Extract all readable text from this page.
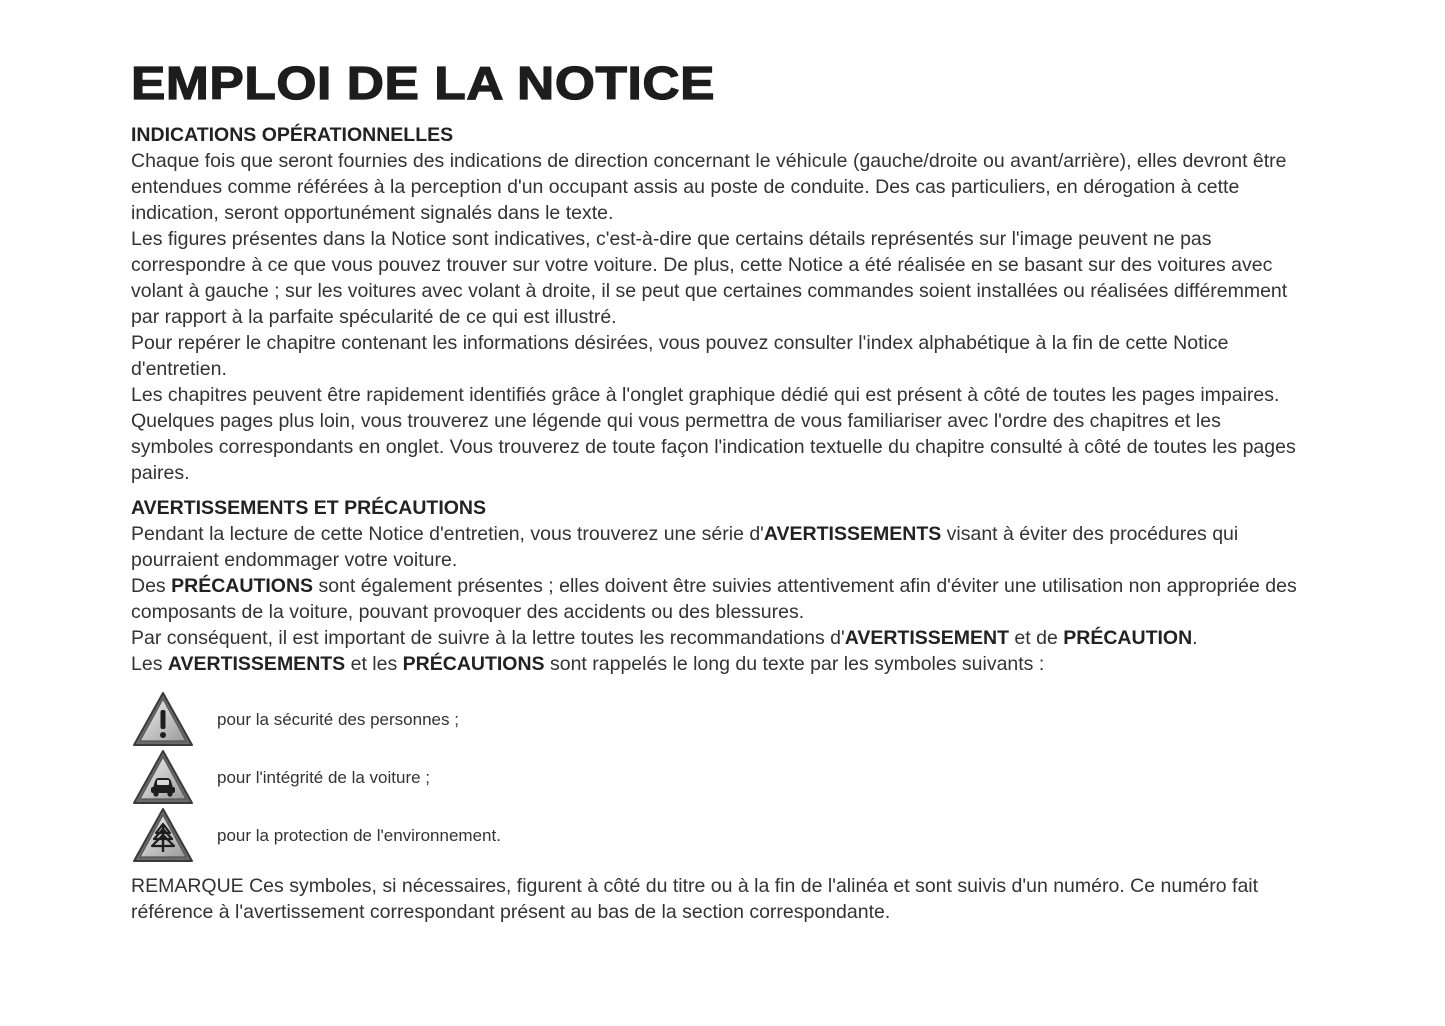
EMPLOI DE LA NOTICE
INDICATIONS OPÉRATIONNELLES

Chaque fois que seront fournies des indications de direction concernant le véhicule (gauche/droite ou avant/arrière), elles devront être entendues comme référées à la perception d'un occupant assis au poste de conduite. Des cas particuliers, en dérogation à cette indication, seront opportunément signalés dans le texte.

Les figures présentes dans la Notice sont indicatives, c'est-à-dire que certains détails représentés sur l'image peuvent ne pas correspondre à ce que vous pouvez trouver sur votre voiture. De plus, cette Notice a été réalisée en se basant sur des voitures avec volant à gauche ; sur les voitures avec volant à droite, il se peut que certaines commandes soient installées ou réalisées différemment par rapport à la parfaite spécularité de ce qui est illustré.

Pour repérer le chapitre contenant les informations désirées, vous pouvez consulter l'index alphabétique à la fin de cette Notice d'entretien.

Les chapitres peuvent être rapidement identifiés grâce à l'onglet graphique dédié qui est présent à côté de toutes les pages impaires. Quelques pages plus loin, vous trouverez une légende qui vous permettra de vous familiariser avec l'ordre des chapitres et les symboles correspondants en onglet. Vous trouverez de toute façon l'indication textuelle du chapitre consulté à côté de toutes les pages paires.

AVERTISSEMENTS ET PRÉCAUTIONS

Pendant la lecture de cette Notice d'entretien, vous trouverez une série d'AVERTISSEMENTS visant à éviter des procédures qui pourraient endommager votre voiture.

Des PRÉCAUTIONS sont également présentes ; elles doivent être suivies attentivement afin d'éviter une utilisation non appropriée des composants de la voiture, pouvant provoquer des accidents ou des blessures.

Par conséquent, il est important de suivre à la lettre toutes les recommandations d'AVERTISSEMENT et de PRÉCAUTION.

Les AVERTISSEMENTS et les PRÉCAUTIONS sont rappelés le long du texte par les symboles suivants :

pour la sécurité des personnes ;
pour l'intégrité de la voiture ;
pour la protection de l'environnement.

REMARQUE Ces symboles, si nécessaires, figurent à côté du titre ou à la fin de l'alinéa et sont suivis d'un numéro. Ce numéro fait référence à l'avertissement correspondant présent au bas de la section correspondante.
